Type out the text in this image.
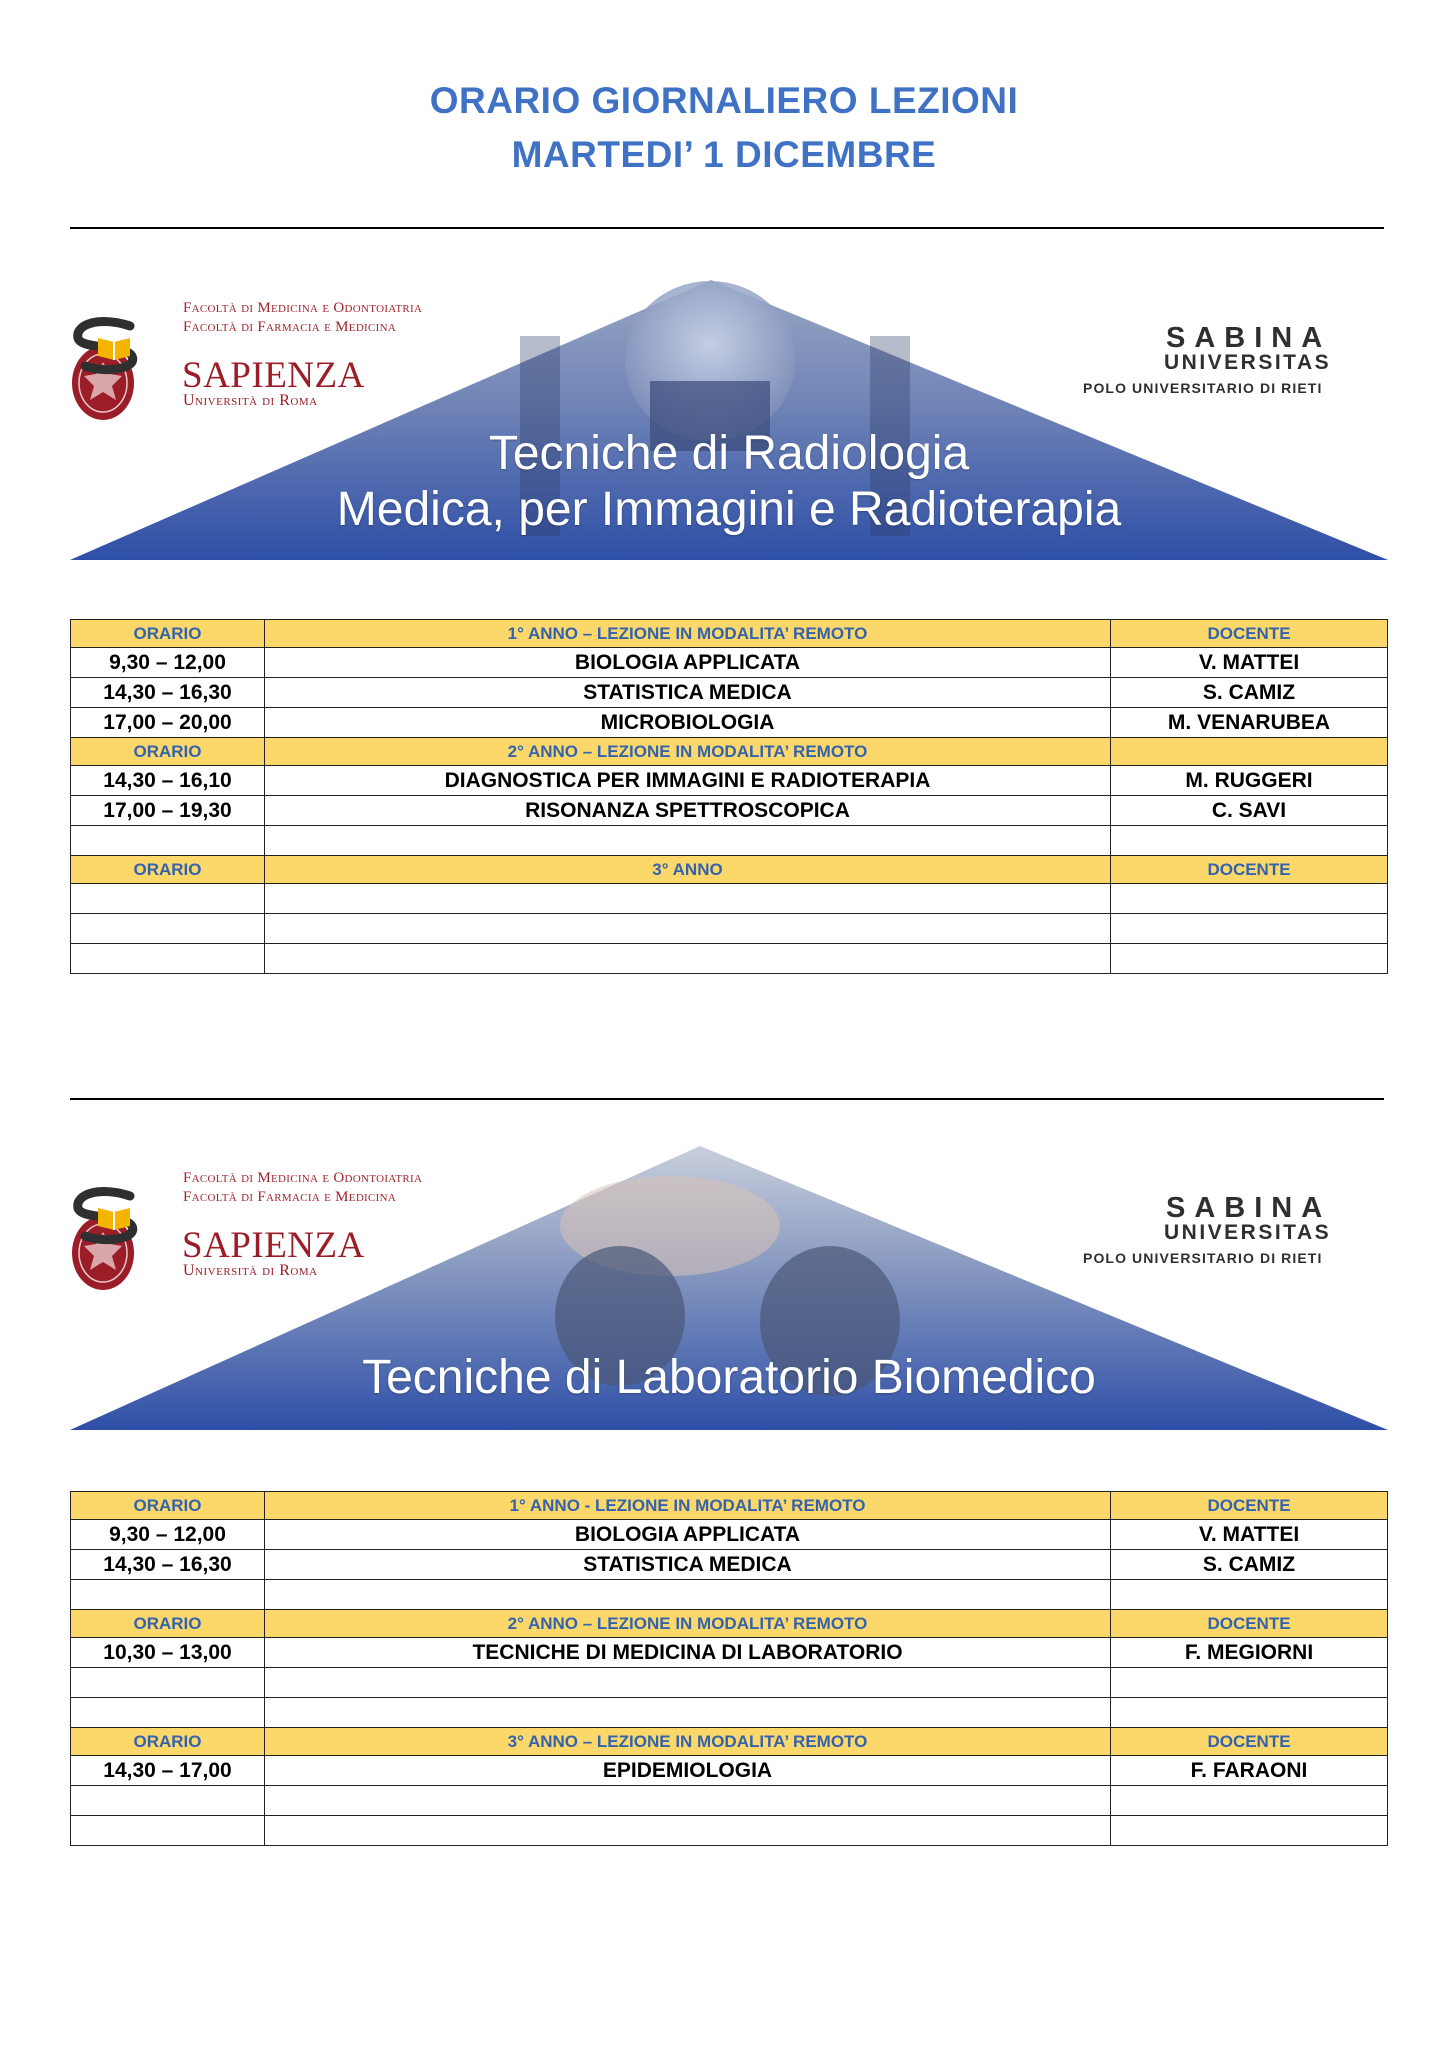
ORARIO GIORNALIERO LEZIONI
MARTEDI’ 1 DICEMBRE
Facoltà di Medicina e Odontoiatria
Facoltà di Farmacia e Medicina
SAPIENZA
Università di Roma
SABINA
UNIVERSITAS
POLO UNIVERSITARIO DI RIETI
Tecniche di Radiologia
Medica, per Immagini e Radioterapia
ORARIO	1° ANNO – LEZIONE IN MODALITA’ REMOTO	DOCENTE
9,30 – 12,00	BIOLOGIA APPLICATA	V. MATTEI
14,30 – 16,30	STATISTICA MEDICA	S. CAMIZ
17,00 – 20,00	MICROBIOLOGIA	M. VENARUBEA
ORARIO	2° ANNO – LEZIONE IN MODALITA’ REMOTO	
14,30 – 16,10	DIAGNOSTICA PER IMMAGINI E RADIOTERAPIA	M. RUGGERI
17,00 – 19,30	RISONANZA SPETTROSCOPICA	C. SAVI

ORARIO	3° ANNO	DOCENTE

Facoltà di Medicina e Odontoiatria
Facoltà di Farmacia e Medicina
SAPIENZA
Università di Roma
SABINA
UNIVERSITAS
POLO UNIVERSITARIO DI RIETI
Tecniche di Laboratorio Biomedico
ORARIO	1° ANNO - LEZIONE IN MODALITA’ REMOTO	DOCENTE
9,30 – 12,00	BIOLOGIA APPLICATA	V. MATTEI
14,30 – 16,30	STATISTICA MEDICA	S. CAMIZ

ORARIO	2° ANNO – LEZIONE IN MODALITA’ REMOTO	DOCENTE
10,30 – 13,00	TECNICHE DI MEDICINA DI LABORATORIO	F. MEGIORNI

ORARIO	3° ANNO – LEZIONE IN MODALITA’ REMOTO	DOCENTE
14,30 – 17,00	EPIDEMIOLOGIA	F. FARAONI
